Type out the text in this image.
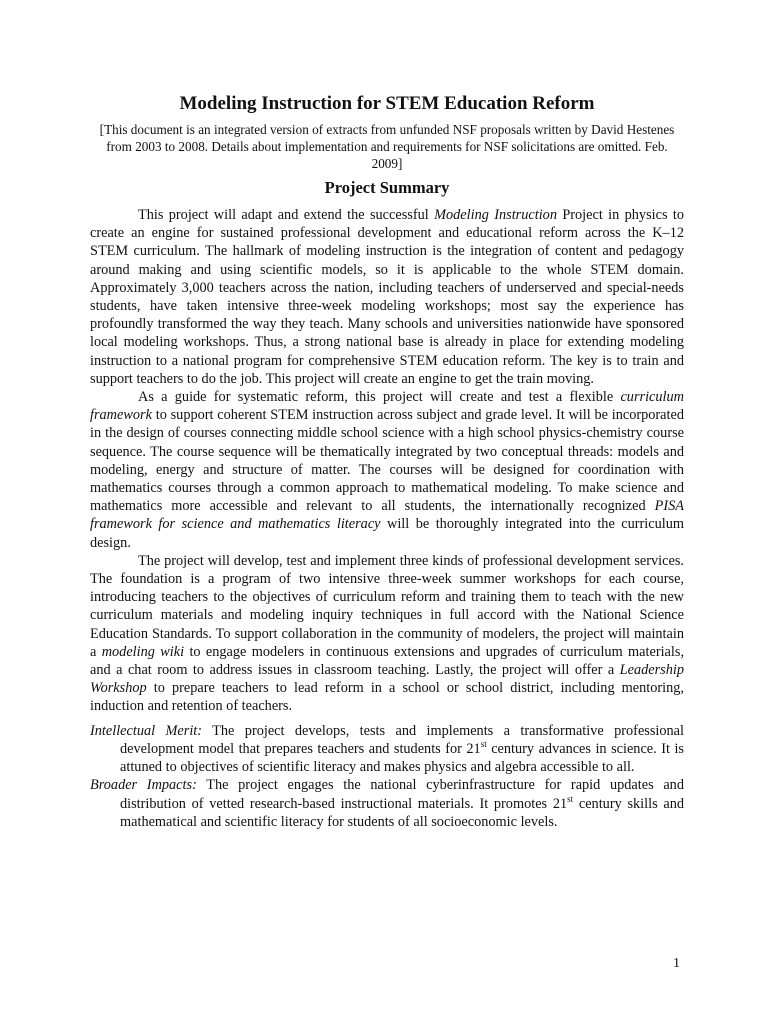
Modeling Instruction for STEM Education Reform
[This document is an integrated version of extracts from unfunded NSF proposals written by David Hestenes
from 2003 to 2008. Details about implementation and requirements for NSF solicitations are omitted. Feb. 2009]
Project Summary

This project will adapt and extend the successful Modeling Instruction Project in physics to create an engine for sustained professional development and educational reform across the K–12 STEM curriculum. The hallmark of modeling instruction is the integration of content and pedagogy around making and using scientific models, so it is applicable to the whole STEM domain. Approximately 3,000 teachers across the nation, including teachers of underserved and special-needs students, have taken intensive three-week modeling workshops; most say the experience has profoundly transformed the way they teach. Many schools and universities nationwide have sponsored local modeling workshops. Thus, a strong national base is already in place for extending modeling instruction to a national program for comprehensive STEM education reform. The key is to train and support teachers to do the job. This project will create an engine to get the train moving.

As a guide for systematic reform, this project will create and test a flexible curriculum framework to support coherent STEM instruction across subject and grade level. It will be incorporated in the design of courses connecting middle school science with a high school physics-chemistry course sequence. The course sequence will be thematically integrated by two conceptual threads: models and modeling, energy and structure of matter. The courses will be designed for coordination with mathematics courses through a common approach to mathematical modeling. To make science and mathematics more accessible and relevant to all students, the internationally recognized PISA framework for science and mathematics literacy will be thoroughly integrated into the curriculum design.

The project will develop, test and implement three kinds of professional development services. The foundation is a program of two intensive three-week summer workshops for each course, introducing teachers to the objectives of curriculum reform and training them to teach with the new curriculum materials and modeling inquiry techniques in full accord with the National Science Education Standards. To support collaboration in the community of modelers, the project will maintain a modeling wiki to engage modelers in continuous extensions and upgrades of curriculum materials, and a chat room to address issues in classroom teaching. Lastly, the project will offer a Leadership Workshop to prepare teachers to lead reform in a school or school district, including mentoring, induction and retention of teachers.

Intellectual Merit: The project develops, tests and implements a transformative professional development model that prepares teachers and students for 21st century advances in science. It is attuned to objectives of scientific literacy and makes physics and algebra accessible to all.

Broader Impacts: The project engages the national cyberinfrastructure for rapid updates and distribution of vetted research-based instructional materials. It promotes 21st century skills and mathematical and scientific literacy for students of all socioeconomic levels.

1
